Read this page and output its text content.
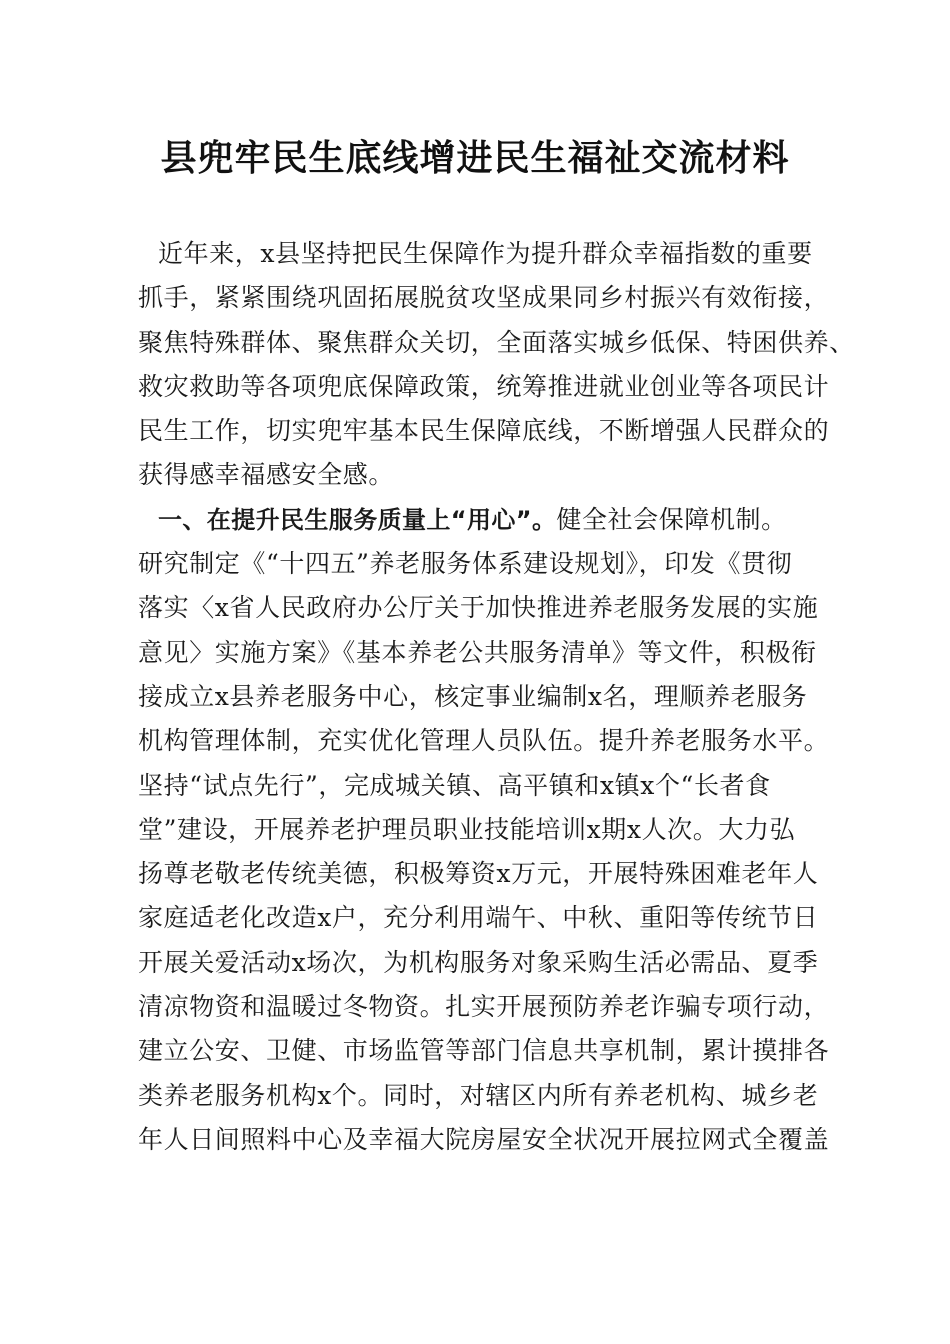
县兜牢民生底线增进民生福祉交流材料
近年来，x县坚持把民生保障作为提升群众幸福指数的重要
抓手，紧紧围绕巩固拓展脱贫攻坚成果同乡村振兴有效衔接，
聚焦特殊群体、聚焦群众关切，全面落实城乡低保、特困供养、
救灾救助等各项兜底保障政策，统筹推进就业创业等各项民计
民生工作，切实兜牢基本民生保障底线，不断增强人民群众的
获得感幸福感安全感。
一、在提升民生服务质量上“用心”。健全社会保障机制。
研究制定《“十四五”养老服务体系建设规划》，印发《贯彻
落实〈x省人民政府办公厅关于加快推进养老服务发展的实施
意见〉实施方案》《基本养老公共服务清单》等文件，积极衔
接成立x县养老服务中心，核定事业编制x名，理顺养老服务
机构管理体制，充实优化管理人员队伍。提升养老服务水平。
坚持“试点先行”，完成城关镇、高平镇和x镇x个“长者食
堂”建设，开展养老护理员职业技能培训x期x人次。大力弘
扬尊老敬老传统美德，积极筹资x万元，开展特殊困难老年人
家庭适老化改造x户，充分利用端午、中秋、重阳等传统节日
开展关爱活动x场次，为机构服务对象采购生活必需品、夏季
清凉物资和温暖过冬物资。扎实开展预防养老诈骗专项行动，
建立公安、卫健、市场监管等部门信息共享机制，累计摸排各
类养老服务机构x个。同时，对辖区内所有养老机构、城乡老
年人日间照料中心及幸福大院房屋安全状况开展拉网式全覆盖
